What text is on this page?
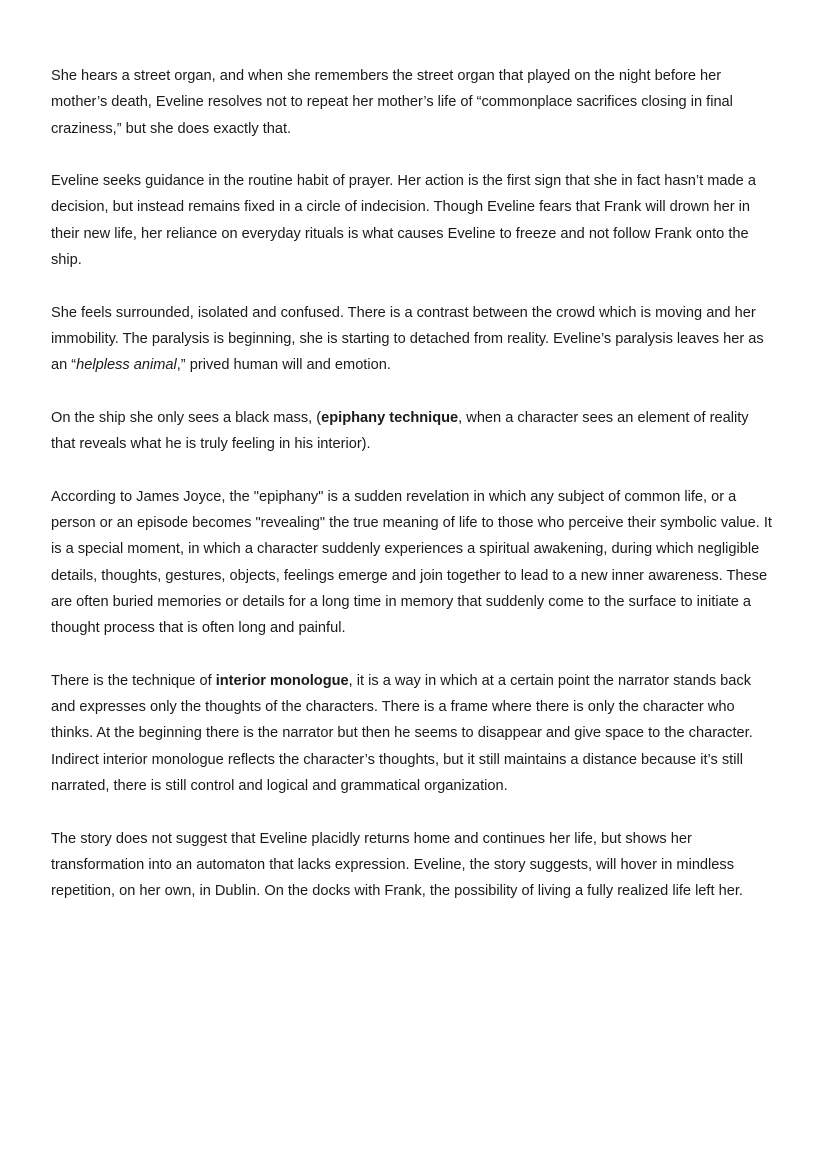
She hears a street organ, and when she remembers the street organ that played on the night before her mother’s death, Eveline resolves not to repeat her mother’s life of “commonplace sacrifices closing in final craziness,” but she does exactly that.

Eveline seeks guidance in the routine habit of prayer. Her action is the first sign that she in fact hasn’t made a decision, but instead remains fixed in a circle of indecision. Though Eveline fears that Frank will drown her in their new life, her reliance on everyday rituals is what causes Eveline to freeze and not follow Frank onto the ship.

She feels surrounded, isolated and confused. There is a contrast between the crowd which is moving and her immobility. The paralysis is beginning, she is starting to detached from reality. Eveline’s paralysis leaves her as an “helpless animal,” prived human will and emotion.

On the ship she only sees a black mass, (epiphany technique, when a character sees an element of reality that reveals what he is truly feeling in his interior).

According to James Joyce, the "epiphany" is a sudden revelation in which any subject of common life, or a person or an episode becomes "revealing" the true meaning of life to those who perceive their symbolic value. It is a special moment, in which a character suddenly experiences a spiritual awakening, during which negligible details, thoughts, gestures, objects, feelings emerge and join together to lead to a new inner awareness. These are often buried memories or details for a long time in memory that suddenly come to the surface to initiate a thought process that is often long and painful.

There is the technique of interior monologue, it is a way in which at a certain point the narrator stands back and expresses only the thoughts of the characters. There is a frame where there is only the character who thinks. At the beginning there is the narrator but then he seems to disappear and give space to the character. Indirect interior monologue reflects the character’s thoughts, but it still maintains a distance because it’s still narrated, there is still control and logical and grammatical organization.

The story does not suggest that Eveline placidly returns home and continues her life, but shows her transformation into an automaton that lacks expression. Eveline, the story suggests, will hover in mindless repetition, on her own, in Dublin. On the docks with Frank, the possibility of living a fully realized life left her.
